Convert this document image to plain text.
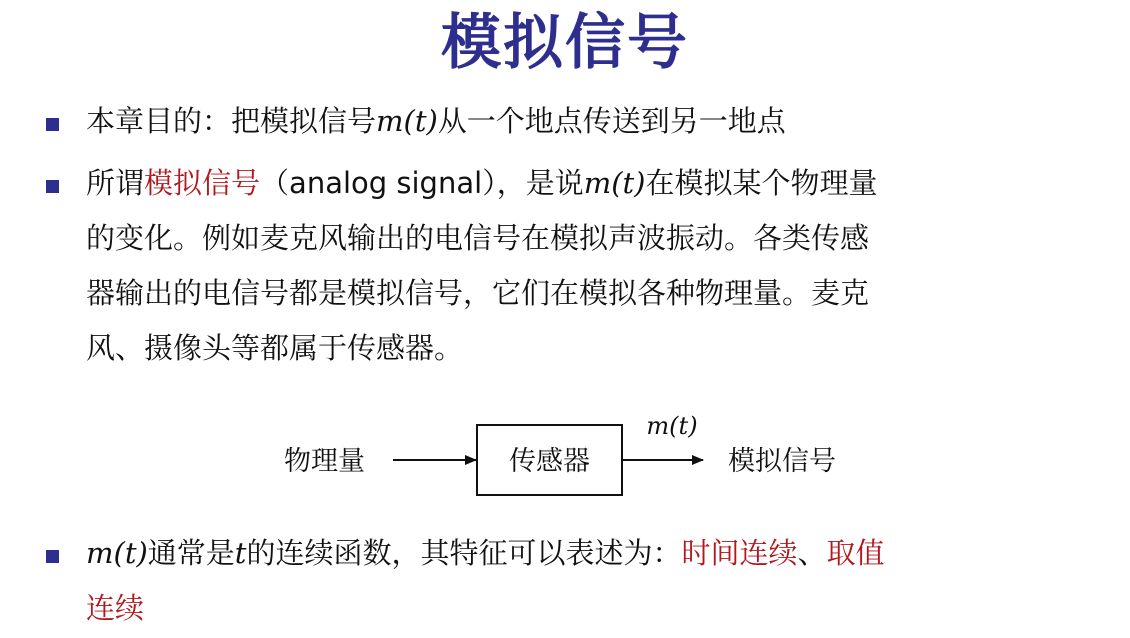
模拟信号
本章目的：把模拟信号m(t)从一个地点传送到另一地点
所谓模拟信号（analog signal），是说m(t)在模拟某个物理量
的变化。例如麦克风输出的电信号在模拟声波振动。各类传感
器输出的电信号都是模拟信号，它们在模拟各种物理量。麦克
风、摄像头等都属于传感器。
物理量	传感器
m(t)
模拟信号
m(t)通常是t的连续函数，其特征可以表述为：时间连续、取值
连续
